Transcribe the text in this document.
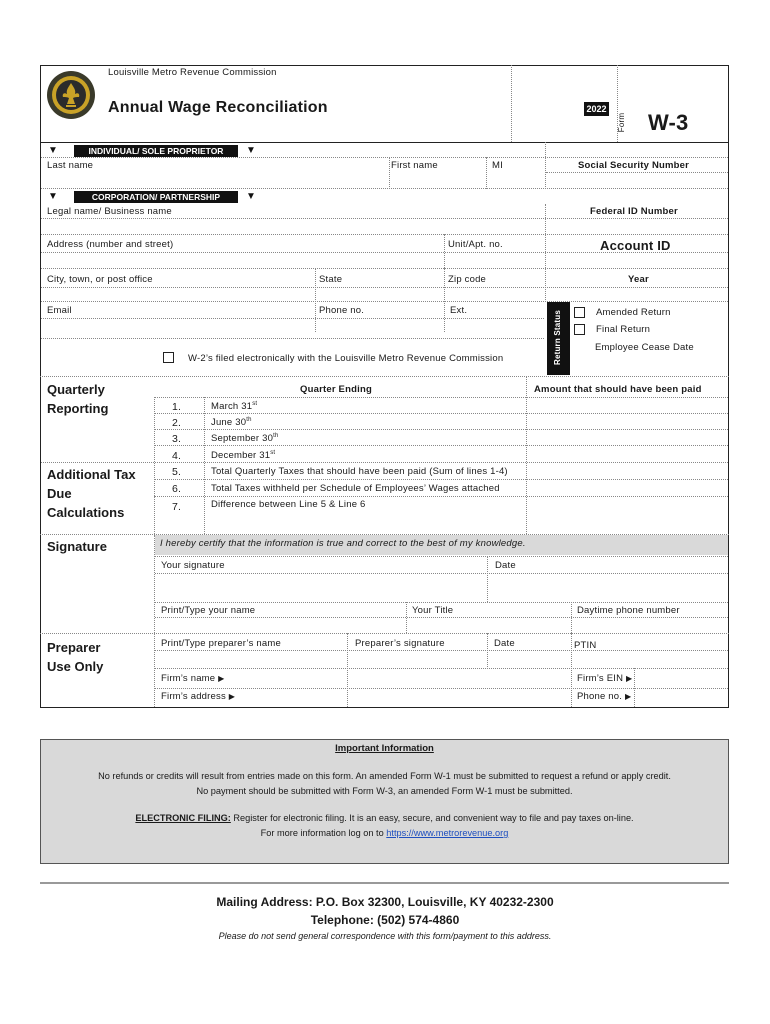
Louisville Metro Revenue Commission
Annual Wage Reconciliation	2022
Form W-3
▼	INDIVIDUAL/ SOLE PROPRIETOR	▼
Last name	First name	MI	Social Security Number
▼	CORPORATION/ PARTNERSHIP	▼
Legal name/ Business name	Federal ID Number
Address (number and street)	Unit/Apt. no.	Account ID
City, town, or post office	State	Zip code	Year
Email	Phone no.	Ext.	Return Status	Amended Return
Final Return
Employee Cease Date
W-2’s filed electronically with the Louisville Metro Revenue Commission
Quarterly Reporting
Quarter Ending	Amount that should have been paid
1.	March 31st
2.	June 30th
3.	September 30th
4.	December 31st
Additional Tax Due Calculations
5.	Total Quarterly Taxes that should have been paid (Sum of lines 1-4)
6.	Total Taxes withheld per Schedule of Employees’ Wages attached
7.	Difference between Line 5 & Line 6
Signature	I hereby certify that the information is true and correct to the best of my knowledge.
Your signature	Date
Print/Type your name	Your Title	Daytime phone number
Preparer Use Only
Print/Type preparer’s name	Preparer’s signature	Date	PTIN
Firm’s name ▶	Firm’s EIN ▶
Firm’s address ▶	Phone no. ▶
Important Information
No refunds or credits will result from entries made on this form. An amended Form W-1 must be submitted to request a refund or apply credit.
No payment should be submitted with Form W-3, an amended Form W-1 must be submitted.
ELECTRONIC FILING: Register for electronic filing. It is an easy, secure, and convenient way to file and pay taxes on-line.
For more information log on to https://www.metrorevenue.org
Mailing Address: P.O. Box 32300, Louisville, KY 40232-2300
Telephone: (502) 574-4860
Please do not send general correspondence with this form/payment to this address.
